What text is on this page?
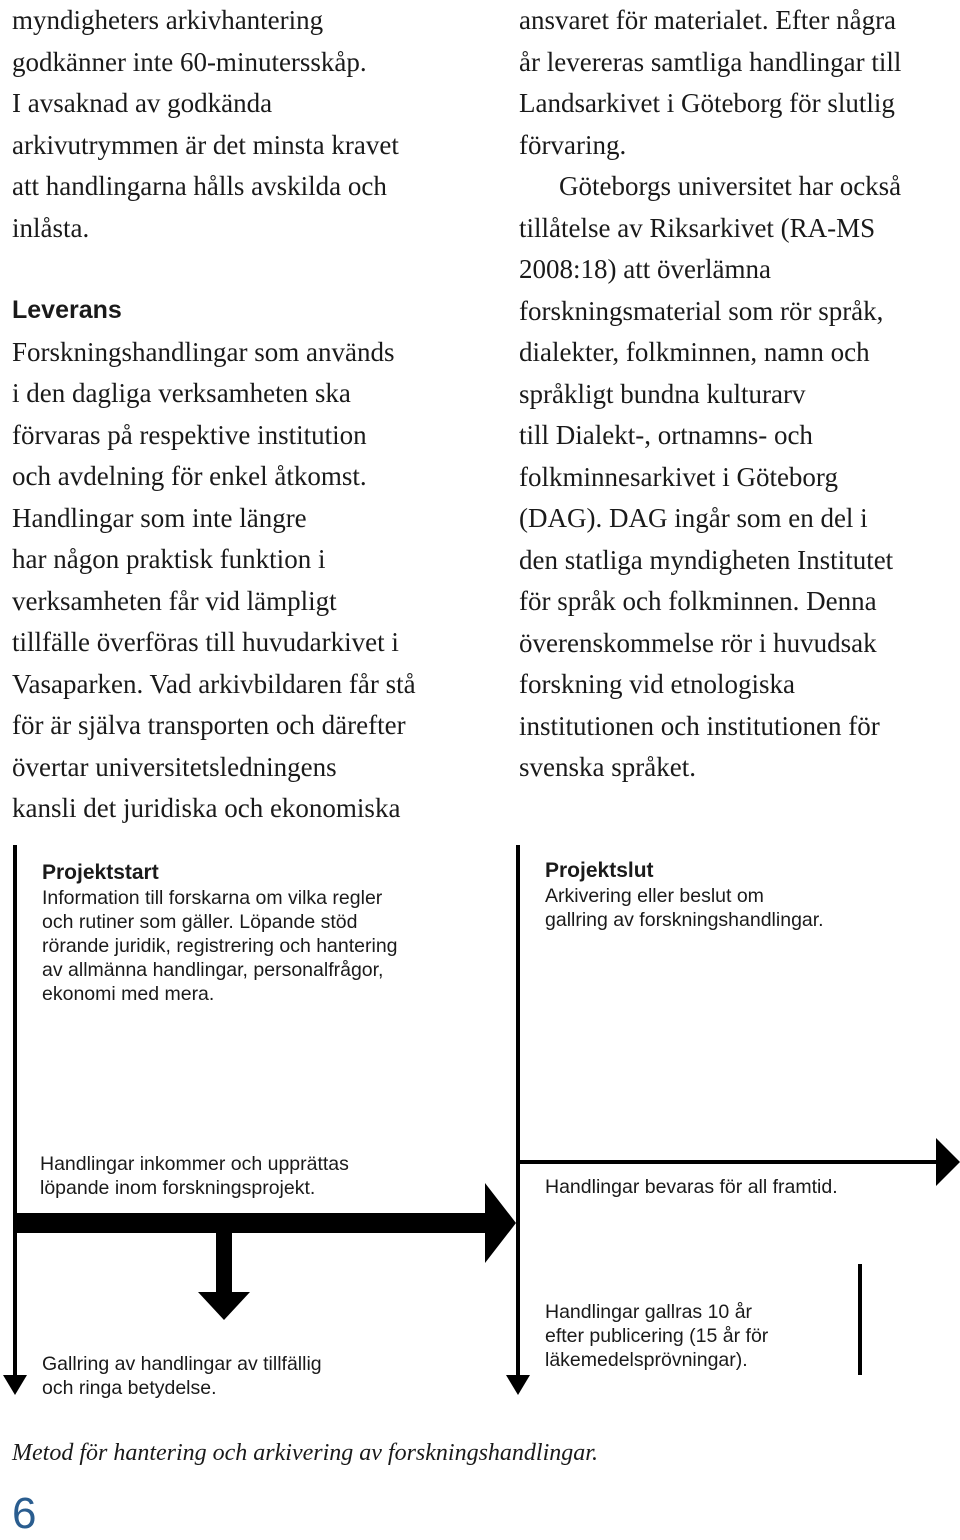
myndigheters arkivhantering
godkänner inte 60-minutersskåp.
I avsaknad av godkända
arkivutrymmen är det minsta kravet
att handlingarna hålls avskilda och
inlåsta.
Leverans
Forskningshandlingar som används
i den dagliga verksamheten ska
förvaras på respektive institution
och avdelning för enkel åtkomst.
Handlingar som inte längre
har någon praktisk funktion i
verksamheten får vid lämpligt
tillfälle överföras till huvudarkivet i
Vasaparken. Vad arkivbildaren får stå
för är själva transporten och därefter
övertar universitetsledningens
kansli det juridiska och ekonomiska
ansvaret för materialet. Efter några
år levereras samtliga handlingar till
Landsarkivet i Göteborg för slutlig
förvaring.
Göteborgs universitet har också
tillåtelse av Riksarkivet (RA-MS
2008:18) att överlämna
forskningsmaterial som rör språk,
dialekter, folkminnen, namn och
språkligt bundna kulturarv
till Dialekt-, ortnamns- och
folkminnesarkivet i Göteborg
(DAG). DAG ingår som en del i
den statliga myndigheten Institutet
för språk och folkminnen. Denna
överenskommelse rör i huvudsak
forskning vid etnologiska
institutionen och institutionen för
svenska språket.
Projektstart
Information till forskarna om vilka regler
och rutiner som gäller. Löpande stöd
rörande juridik, registrering och hantering
av allmänna handlingar, personalfrågor,
ekonomi med mera.
Projektslut
Arkivering eller beslut om
gallring av forskningshandlingar.
Handlingar inkommer och upprättas
löpande inom forskningsprojekt.	Handlingar bevaras för all framtid.
Gallring av handlingar av tillfällig
och ringa betydelse.
Handlingar gallras 10 år
efter publicering (15 år för
läkemedelsprövningar).
Metod för hantering och arkivering av forskningshandlingar.
6
